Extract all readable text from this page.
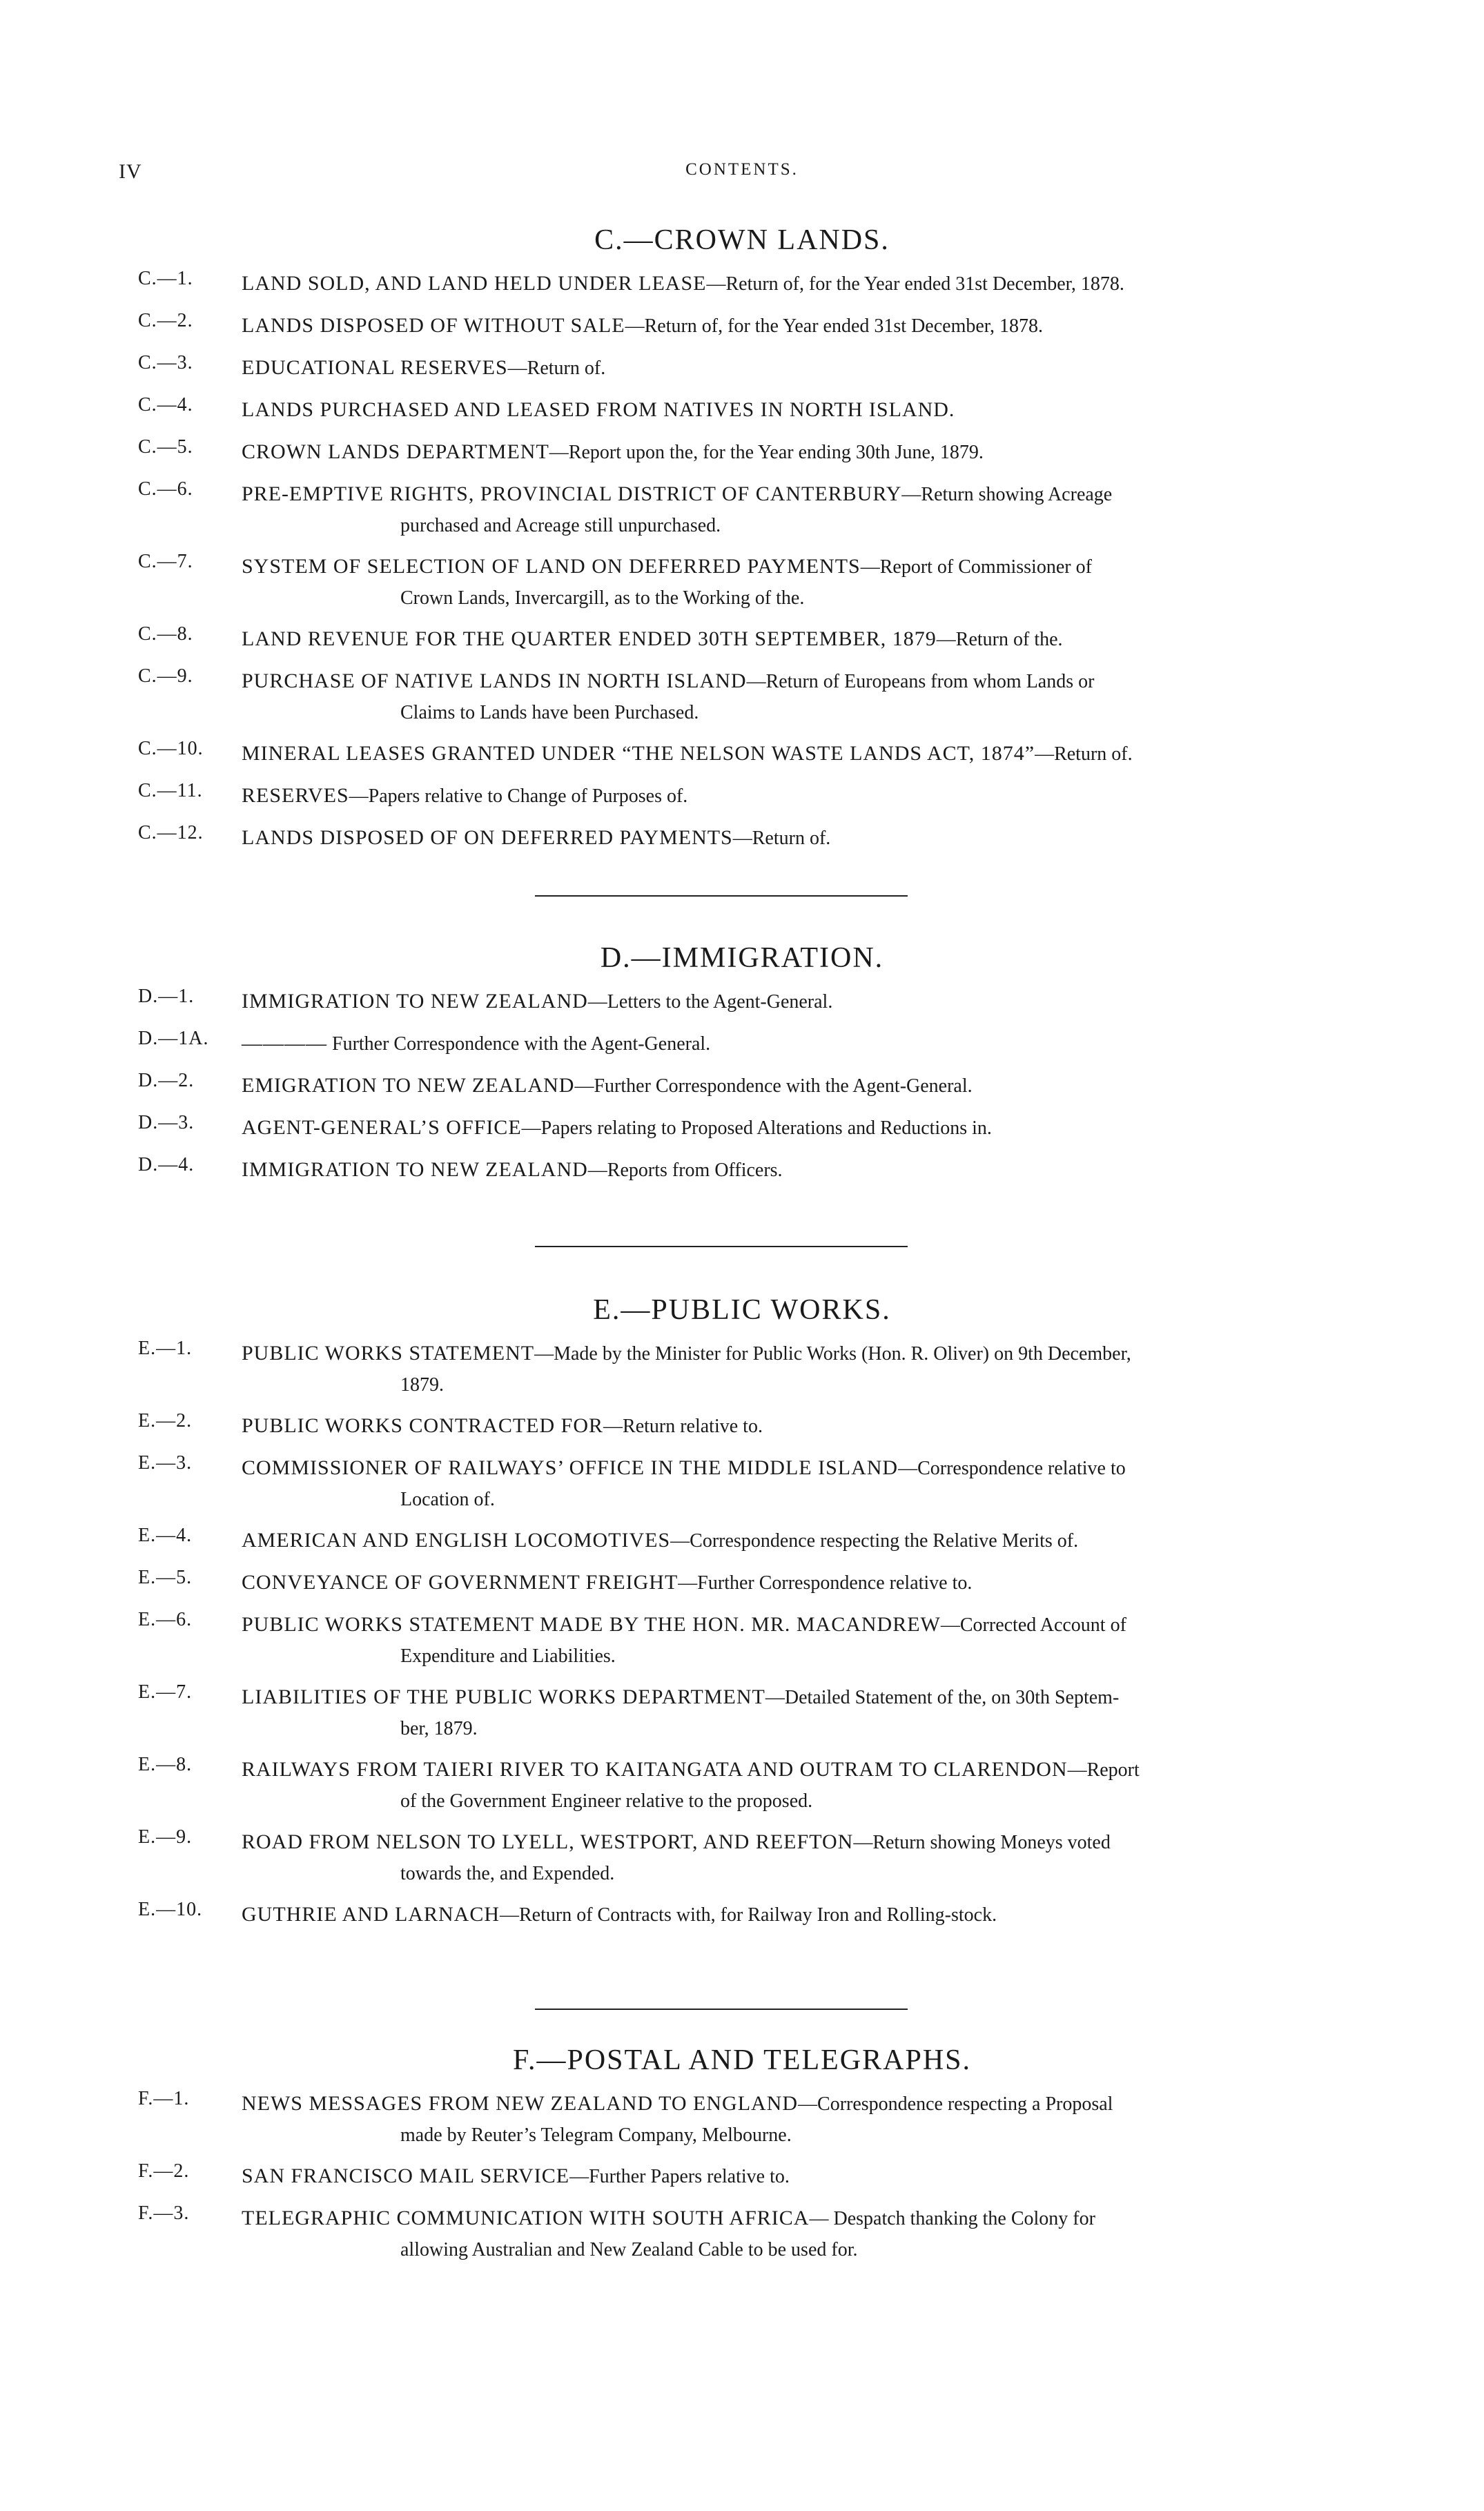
IV	CONTENTS.
C.—CROWN LANDS.
C.—1. LAND SOLD, AND LAND HELD UNDER LEASE—Return of, for the Year ended 31st December, 1878.
C.—2. LANDS DISPOSED OF WITHOUT SALE—Return of, for the Year ended 31st December, 1878.
C.—3. EDUCATIONAL RESERVES—Return of.
C.—4. LANDS PURCHASED AND LEASED FROM NATIVES IN NORTH ISLAND.
C.—5. CROWN LANDS DEPARTMENT—Report upon the, for the Year ending 30th June, 1879.
C.—6. PRE-EMPTIVE RIGHTS, PROVINCIAL DISTRICT OF CANTERBURY—Return showing Acreage
purchased and Acreage still unpurchased.
C.—7. SYSTEM OF SELECTION OF LAND ON DEFERRED PAYMENTS—Report of Commissioner of
Crown Lands, Invercargill, as to the Working of the.
C.—8. LAND REVENUE FOR THE QUARTER ENDED 30TH SEPTEMBER, 1879—Return of the.
C.—9. PURCHASE OF NATIVE LANDS IN NORTH ISLAND—Return of Europeans from whom Lands or
Claims to Lands have been Purchased.
C.—10. MINERAL LEASES GRANTED UNDER “THE NELSON WASTE LANDS ACT, 1874”—Return of.
C.—11. RESERVES—Papers relative to Change of Purposes of.
C.—12. LANDS DISPOSED OF ON DEFERRED PAYMENTS—Return of.
D.—IMMIGRATION.
D.—1. IMMIGRATION TO NEW ZEALAND—Letters to the Agent-General.
D.—1A. ———— Further Correspondence with the Agent-General.
D.—2. EMIGRATION TO NEW ZEALAND—Further Correspondence with the Agent-General.
D.—3. AGENT-GENERAL’S OFFICE—Papers relating to Proposed Alterations and Reductions in.
D.—4. IMMIGRATION TO NEW ZEALAND—Reports from Officers.
E.—PUBLIC WORKS.
E.—1. PUBLIC WORKS STATEMENT—Made by the Minister for Public Works (Hon. R. Oliver) on 9th December,
1879.
E.—2. PUBLIC WORKS CONTRACTED FOR—Return relative to.
E.—3. COMMISSIONER OF RAILWAYS’ OFFICE IN THE MIDDLE ISLAND—Correspondence relative to
Location of.
E.—4. AMERICAN AND ENGLISH LOCOMOTIVES—Correspondence respecting the Relative Merits of.
E.—5. CONVEYANCE OF GOVERNMENT FREIGHT—Further Correspondence relative to.
E.—6. PUBLIC WORKS STATEMENT MADE BY THE HON. MR. MACANDREW—Corrected Account of
Expenditure and Liabilities.
E.—7. LIABILITIES OF THE PUBLIC WORKS DEPARTMENT—Detailed Statement of the, on 30th Septem-
ber, 1879.
E.—8. RAILWAYS FROM TAIERI RIVER TO KAITANGATA AND OUTRAM TO CLARENDON—Report
of the Government Engineer relative to the proposed.
E.—9. ROAD FROM NELSON TO LYELL, WESTPORT, AND REEFTON—Return showing Moneys voted
towards the, and Expended.
E.—10. GUTHRIE AND LARNACH—Return of Contracts with, for Railway Iron and Rolling-stock.
F.—POSTAL AND TELEGRAPHS.
F.—1.	NEWS MESSAGES FROM NEW ZEALAND TO ENGLAND—Correspondence respecting a Proposal
made by Reuter’s Telegram Company, Melbourne.
F.—2.	SAN FRANCISCO MAIL SERVICE—Further Papers relative to.
F.—3.	TELEGRAPHIC COMMUNICATION WITH SOUTH AFRICA— Despatch thanking the Colony for
allowing Australian and New Zealand Cable to be used for.
